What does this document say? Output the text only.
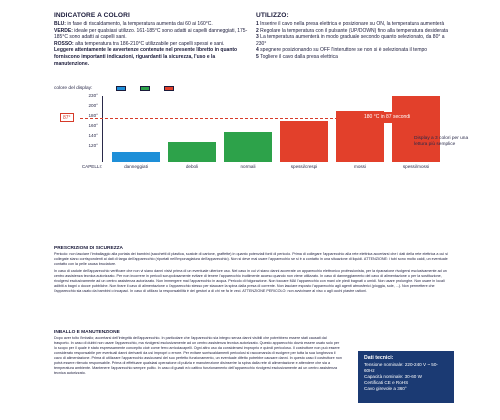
INDICATORE A COLORI
BLU: in fase di riscaldamento, la temperatura aumenta dai 60 ai 160°C.
VERDE: ideale per qualsiasi utilizzo. 161-185°C sono adatti ai capelli danneggiati, 175-185°C sono adatti ai capelli sani.
ROSSO: alta temperatura tra 186-210°C utilizzabile per capelli spessi e sani.
Leggere attentamente le avvertenze contenute nel presente libretto in quanto forniscono importanti indicazioni, riguardanti la sicurezza, l'uso e la manutenzione.
UTILIZZO:
1 Inserire il cavo nella presa elettrica e posizionare su ON, la temperatura aumenterà
2 Regolare la temperatura con il pulsante (UP/DOWN) fino alla temperatura desiderata
3 La temperatura aumenterà in modo graduale secondo quanto selezionato, da 80° a 230°
4 spegnere posizionando su OFF l'interuttore se non si è selezionata il tempo
5 Togliere il cavo dalla presa elettrica
colore del display:
230°
200°
180°
160°
140°
120°
87°	180 °C in 87 secondi
Display a 3 colori per una lettura più semplice
CAPELLI:	danneggiati	deboli	normali	spessi/crespi	mossi	spessi/mossi
PRESCRIZIONI DI SICUREZZA

Pericolo: non lasciare l'imballaggio alla portata dei bambini (sacchetti di plastica, scatole di cartone, graffette) in quanto potenziali fonti di pericolo. Prima di collegare l'apparecchio alla rete elettrica accertarsi che i dati della rete elettrica a cui si collegate siano corrispondenti ai dati di targa dell'apparecchio (riportati nell'imponaglatura dell'apparecchio). Non si deve mai usare l'apparecchio se si è a contatto in una situazione di liquidi. ATTENZIONE: i tubi sono molto caldi, un eventuale contatto con la pelle causa bruciature.

In caso di cadute dell'apparecchio verificare che non vi siano danni visivi prima di un eventuale ulteriore uso. Nel caso in cui vi siano danni accerrate un apparecchio elettronico professionista, per la riparazione rivolgersi esclusivamente ad un centro assistenza tecnica autorizzato. Per non incorrere in pericoli scrupolosamente evitare di tenere l'apparecchio inutilmente acceso quando non viene utilizzato. In caso di danneggiamento del cavo di alimentazione o per la sostituzione, rivolgersi esclusivamente ad un centro assistenza autorizzato. Non immergere mai l'apparecchio in acqua. Pericolo di folgorazione. Non toccare MAI l'apparecchio con mani o/e piedi bagnati o umidi. Non usare prolunghe. Non usare in locali adibiti a bagni o docce pubbliche. Non tirare il cavo di alimentazione o l'apparecchio stesso per staccare la spina dalla presa di corrente. Non lasciare esposto l'apparecchio agli agenti atmosferici (pioggia, sole, ...). Non permettere che l'apparecchio sia usato da bambini o incapaci. In caso di utilizzo la responsabilità è dei gestori a di chi ne fa le veci. ATTENZIONE PERICOLO: non avvicinare al viso o agli occhi piastre ustioni.

INBALLO E MANUTENZIONE

Dopo aver tolto l'imballo; accertarsi dell'integrità dell'apparecchio. In particolare che l'apparecchio sia integro senza danni visibili che potrebbero essere stati causati dal trasporto. In caso di dubbi non usare l'apparecchio, ma rivolgersi esclusivamente ad un centro assistenza tecnica autorizzato. Questo apparecchio dovrà essere usato solo per lo scopo per il quale è stato espressamente concepito cioè come ferro arricciacapelli. Ogni altro uso da considerarsi improprio e quindi pericoloso. Il costruttore non può essere considerato responsabile per eventuali danni derivanti da usi impropri o errore. Per evitare surriscaldamenti pericolosi si raccomanda di svolgere per tutta la sua lunghezza il cavo di alimentazione. Prima di utilizzare l'apparecchio assicurarsi del suo perfetto funzionamento, un eventuale difetto potrebbe causare danni. In questo caso il costruttore non potrà essere ritenuto responsabile. Prima di effettuare qualsiasi operazione di pulizia e manutenzione disinserire la spina dalla rete di alimentazione e attendere che sia a temperatura ambiente. Mantenere l'apparecchio sempre pulito. In caso di guasti e/o cattivo funzionamento dell'apparecchio rivolgersi esclusivamente ad un centro assistenza tecnica autorizzato.

Dati tecnici:
Tensione nominale: 220-240 V ~ 50-60Hz
Capacità nominale: 30-60 W
Certificati CE e RoHS
Cavo girevole a 360°
